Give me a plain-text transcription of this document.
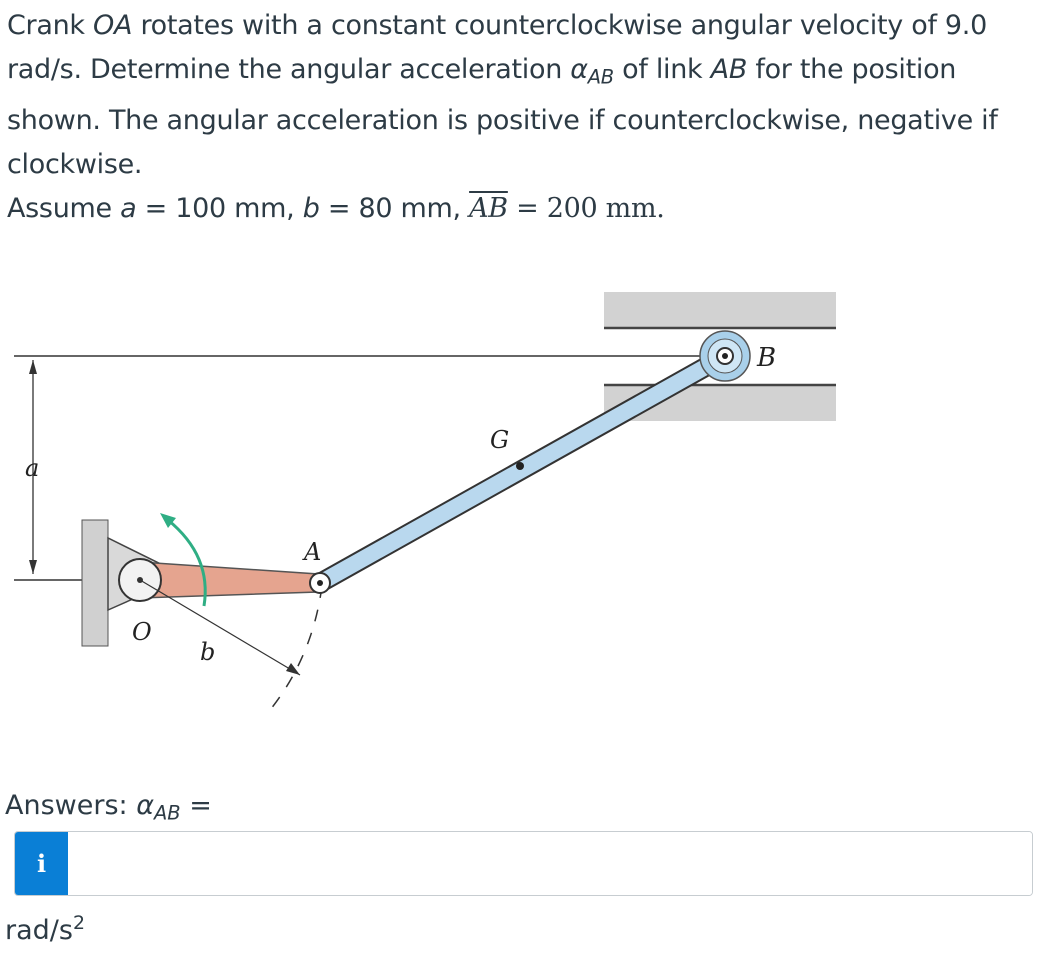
Crank OA rotates with a constant counterclockwise angular velocity of 9.0 rad/s. Determine the angular acceleration $\alpha_{AB}$ of link AB for the position shown. The angular acceleration is positive if counterclockwise, negative if clockwise.

Assume a = 100 mm, b = 80 mm, $\overline{AB} = 200$ mm.

a
G
A
B
O
b
Answers: $\alpha_{AB}$ =
i
rad/$s^2$
